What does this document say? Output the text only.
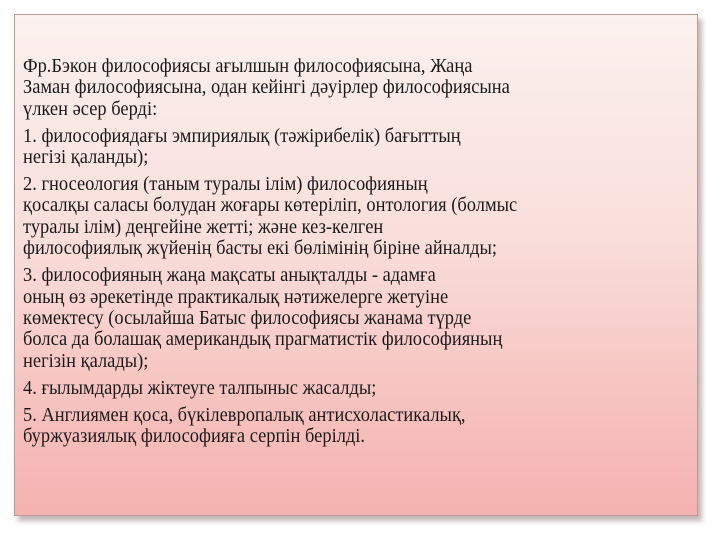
Фр.Бэкон философиясы ағылшын философиясына, Жаңа
Заман философиясына, одан кейінгі дәуірлер философиясына
үлкен әсер берді:
1. философиядағы эмпириялық (тәжірибелік) бағыттың
негізі қаланды);
2. гносеология (таным туралы ілім) философияның
қосалқы саласы болудан жоғары көтеріліп, онтология (болмыс
туралы ілім) деңгейіне жетті; және кез-келген
философиялық жүйенің басты екі бөлімінің біріне айналды;
3. философияның жаңа мақсаты анықталды - адамға
оның өз әрекетінде практикалық нәтижелерге жетуіне
көмектесу (осылайша Батыс философиясы жанама түрде
болса да болашақ американдық прагматистік философияның
негізін қалады);
4. ғылымдарды жіктеуге талпыныс жасалды;
5. Англиямен қоса, бүкілевропалық антисхоластикалық,
буржуазиялық философияға серпін берілді.
